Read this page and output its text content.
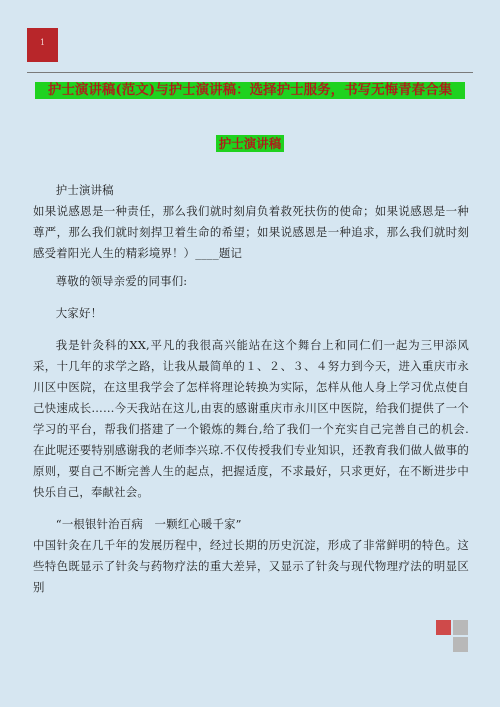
1
护士演讲稿(范文)与护士演讲稿：选择护士服务，书写无悔青春合集
护士演讲稿

护士演讲稿

如果说感恩是一种责任，那么我们就时刻肩负着救死扶伤的使命；如果说感恩是一种尊严，那么我们就时刻捍卫着生命的希望；如果说感恩是一种追求，那么我们就时刻感受着阳光人生的精彩境界！）____题记

尊敬的领导亲爱的同事们:

大家好！

我是针灸科的XX,平凡的我很高兴能站在这个舞台上和同仁们一起为三甲添风采，十几年的求学之路，让我从最简单的１、２、３、４努力到今天，进入重庆市永川区中医院，在这里我学会了怎样将理论转换为实际，怎样从他人身上学习优点使自己快速成长……今天我站在这儿,由衷的感谢重庆市永川区中医院，给我们提供了一个学习的平台，帮我们搭建了一个锻炼的舞台,给了我们一个充实自己完善自己的机会.在此呢还要特别感谢我的老师李兴琼.不仅传授我们专业知识，还教育我们做人做事的原则，要自己不断完善人生的起点，把握适度，不求最好，只求更好，在不断进步中快乐自己，奉献社会。

“一根银针治百病　一颗红心暖千家”

中国针灸在几千年的发展历程中，经过长期的历史沉淀，形成了非常鲜明的特色。这些特色既显示了针灸与药物疗法的重大差异，又显示了针灸与现代物理疗法的明显区别
